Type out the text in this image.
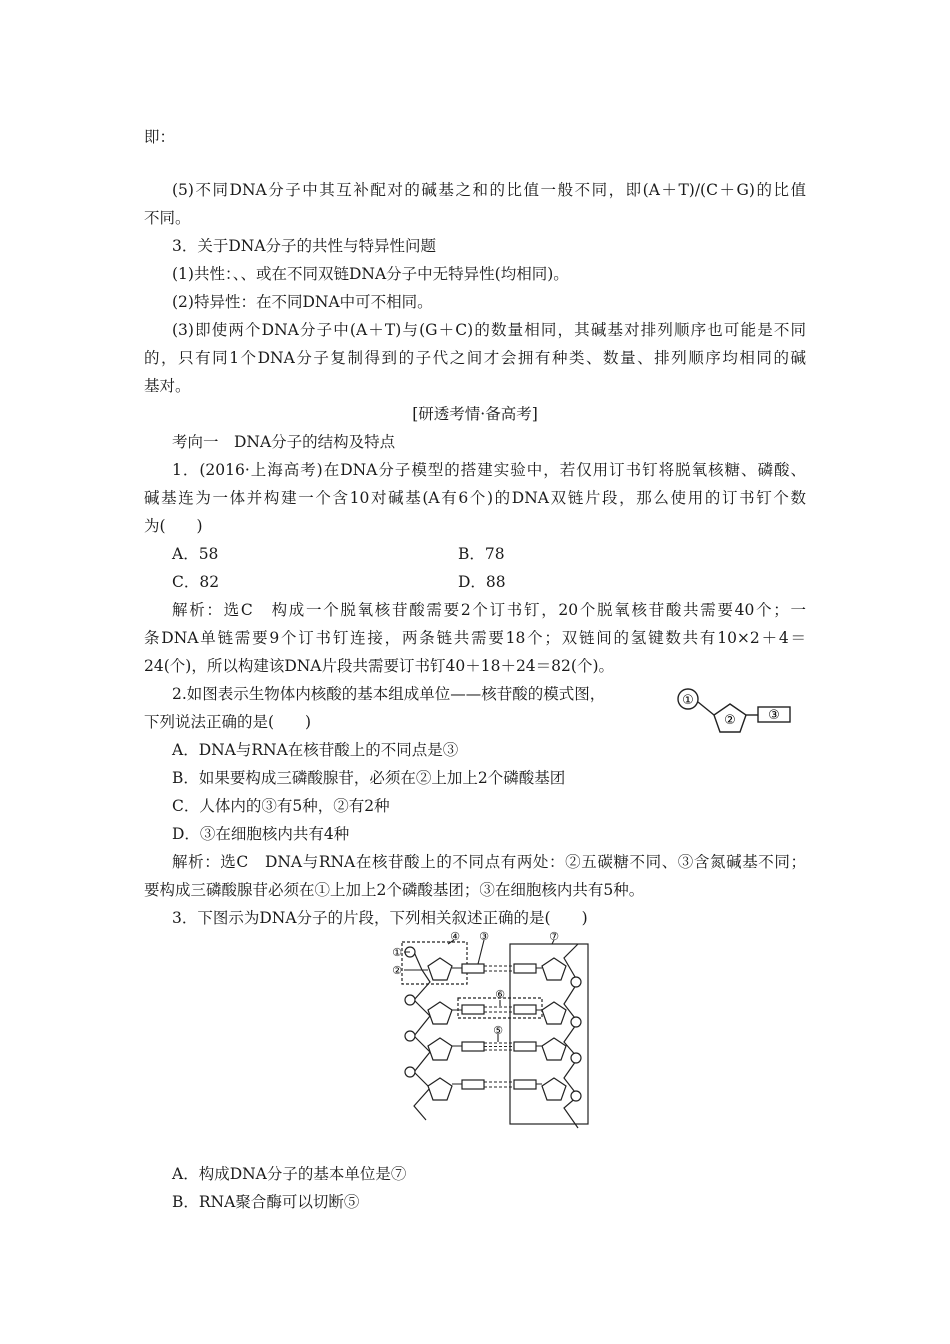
即：
(5)不同DNA分子中其互补配对的碱基之和的比值一般不同，即(A＋T)/(C＋G)的比值
不同。
3．关于DNA分子的共性与特异性问题
(1)共性：、、或在不同双链DNA分子中无特异性(均相同)。
(2)特异性：在不同DNA中可不相同。
(3)即使两个DNA分子中(A＋T)与(G＋C)的数量相同，其碱基对排列顺序也可能是不同
的，只有同1个DNA分子复制得到的子代之间才会拥有种类、数量、排列顺序均相同的碱
基对。
[研透考情·备高考]
考向一　DNA分子的结构及特点
1．(2016·上海高考)在DNA分子模型的搭建实验中，若仅用订书钉将脱氧核糖、磷酸、
碱基连为一体并构建一个含10对碱基(A有6个)的DNA双链片段，那么使用的订书钉个数
为(　　)
A．58	B．78
C．82	D．88
解析：选C　构成一个脱氧核苷酸需要2个订书钉，20个脱氧核苷酸共需要40个；一
条DNA单链需要9个订书钉连接，两条链共需要18个；双链间的氢键数共有10×2＋4＝
24(个)，所以构建该DNA片段共需要订书钉40＋18＋24＝82(个)。
2.如图表示生物体内核酸的基本组成单位——核苷酸的模式图，
下列说法正确的是(　　)
①
② ③
A．DNA与RNA在核苷酸上的不同点是③
B．如果要构成三磷酸腺苷，必须在②上加上2个磷酸基团
C．人体内的③有5种，②有2种
D．③在细胞核内共有4种
解析：选C　DNA与RNA在核苷酸上的不同点有两处：②五碳糖不同、③含氮碱基不同；
要构成三磷酸腺苷必须在①上加上2个磷酸基团；③在细胞核内共有5种。
3．下图示为DNA分子的片段，下列相关叙述正确的是(　　)
①
②
③
④
⑤
⑥
⑦
A．构成DNA分子的基本单位是⑦
B．RNA聚合酶可以切断⑤
